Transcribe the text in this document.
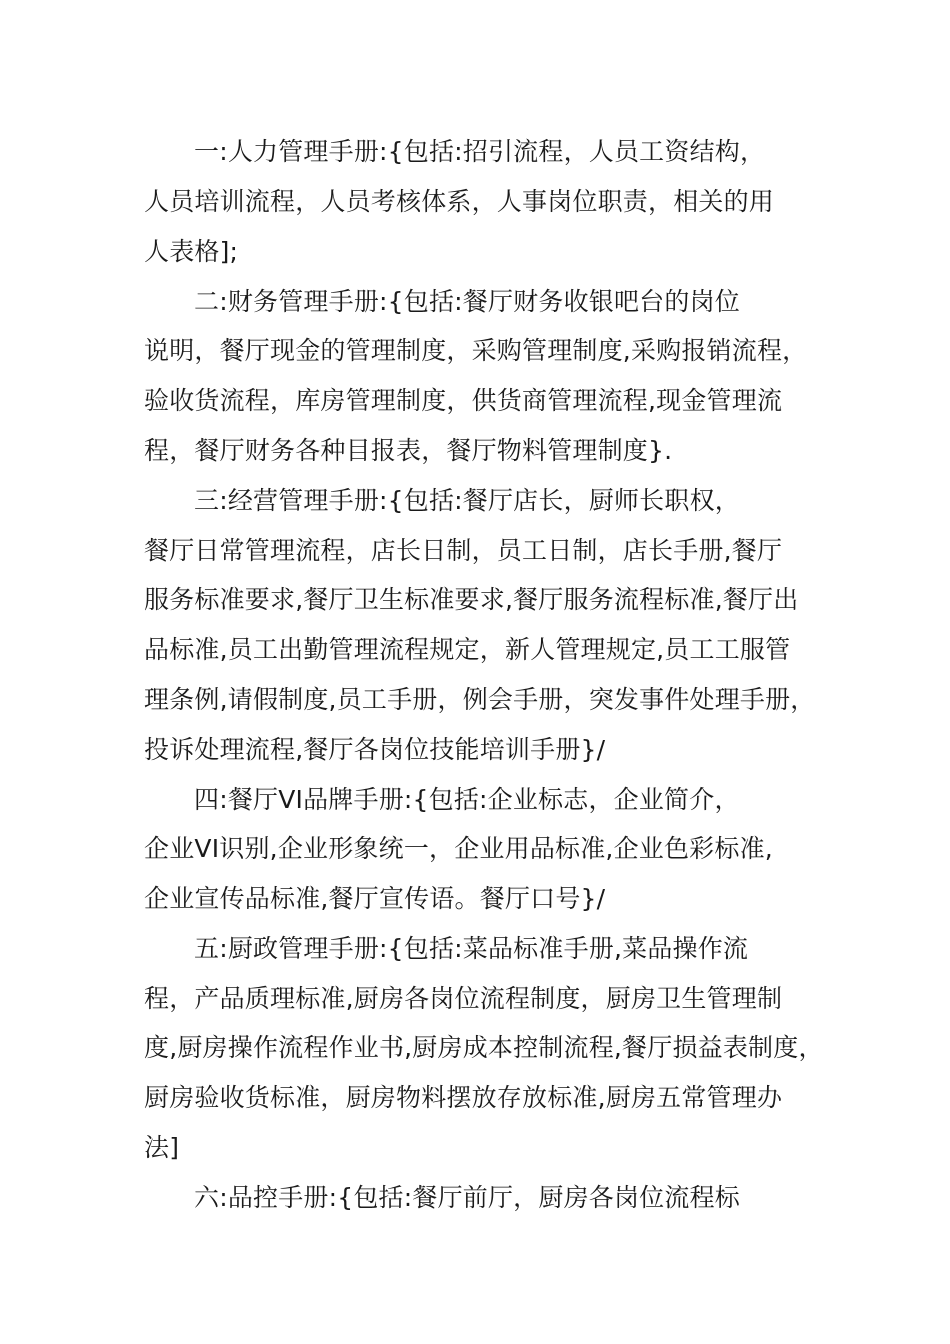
一:人力管理手册:{包括:招引流程，人员工资结构，
人员培训流程，人员考核体系，人事岗位职责，相关的用
人表格];
二:财务管理手册:{包括:餐厅财务收银吧台的岗位
说明，餐厅现金的管理制度，采购管理制度,采购报销流程，
验收货流程，库房管理制度，供货商管理流程,现金管理流
程，餐厅财务各种目报表，餐厅物料管理制度}.
三:经营管理手册:{包括:餐厅店长，厨师长职权，
餐厅日常管理流程，店长日制，员工日制，店长手册,餐厅
服务标准要求,餐厅卫生标准要求,餐厅服务流程标准,餐厅出
品标准,员工出勤管理流程规定，新人管理规定,员工工服管
理条例,请假制度,员工手册，例会手册，突发事件处理手册，
投诉处理流程,餐厅各岗位技能培训手册}/
四:餐厅VI品牌手册:{包括:企业标志，企业简介，
企业VI识别,企业形象统一，企业用品标准,企业色彩标准,
企业宣传品标准,餐厅宣传语。餐厅口号}/
五:厨政管理手册:{包括:菜品标准手册,菜品操作流
程，产品质理标准,厨房各岗位流程制度，厨房卫生管理制
度,厨房操作流程作业书,厨房成本控制流程,餐厅损益表制度，
厨房验收货标准，厨房物料摆放存放标准,厨房五常管理办
法]
六:品控手册:{包括:餐厅前厅，厨房各岗位流程标
